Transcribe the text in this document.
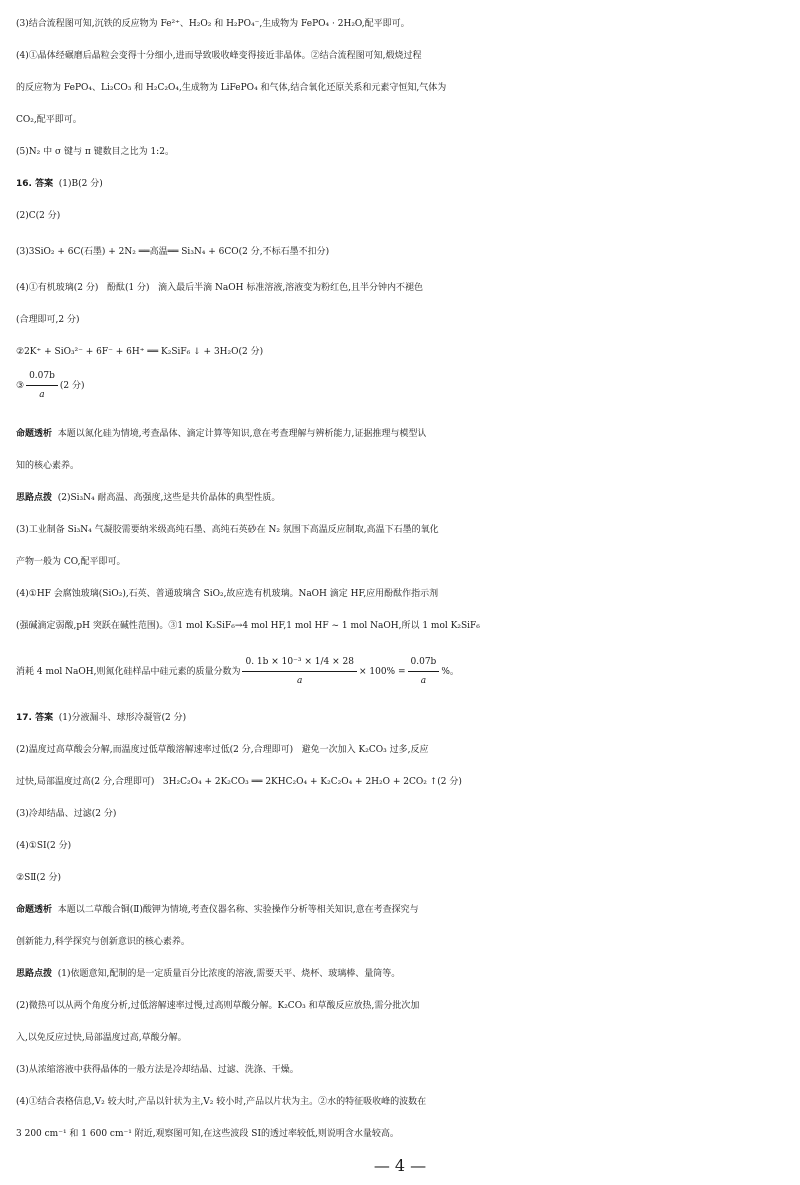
(3)结合流程图可知,沉铁的反应物为 Fe²⁺、H₂O₂ 和 H₂PO₄⁻,生成物为 FePO₄ · 2H₂O,配平即可。
(4)①晶体经碾磨后晶粒会变得十分细小,进而导致吸收峰变得接近非晶体。②结合流程图可知,煅烧过程
的反应物为 FePO₄、Li₂CO₃ 和 H₂C₂O₄,生成物为 LiFePO₄ 和气体,结合氧化还原关系和元素守恒知,气体为
CO₂,配平即可。
(5)N₂ 中 σ 键与 π 键数目之比为 1:2。
16. 答案  (1)B(2 分)
(2)C(2 分)
(3)3SiO₂ + 6C(石墨) + 2N₂ ══高温══ Si₃N₄ + 6CO(2 分,不标石墨不扣分)
(4)①有机玻璃(2 分)   酚酞(1 分)   滴入最后半滴 NaOH 标准溶液,溶液变为粉红色,且半分钟内不褪色
(合理即可,2 分)
②2K⁺ + SiO₃²⁻ + 6F⁻ + 6H⁺ ══ K₂SiF₆ ↓ + 3H₂O(2 分)
③ $\frac{0.07b}{a} (2$ 分)
命题透析  本题以氮化硅为情境,考查晶体、滴定计算等知识,意在考查理解与辨析能力,证据推理与模型认
知的核心素养。
思路点拨  (2)Si₃N₄ 耐高温、高强度,这些是共价晶体的典型性质。
(3)工业制备 Si₃N₄ 气凝胶需要纳米级高纯石墨、高纯石英砂在 N₂ 氛围下高温反应制取,高温下石墨的氧化
产物一般为 CO,配平即可。
(4)①HF 会腐蚀玻璃(SiO₂),石英、普通玻璃含 SiO₂,故应选有机玻璃。NaOH 滴定 HF,应用酚酞作指示剂
(强碱滴定弱酸,pH 突跃在碱性范围)。③1 mol K₂SiF₆→4 mol HF,1 mol HF ~ 1 mol NaOH,所以 1 mol K₂SiF₆
消耗 4 mol NaOH,则氮化硅样品中硅元素的质量分数为 $\frac{\text{0. 1b × 10⁻³ × 1/4 × 28}}{a} \times 100\% = \frac{0.07b}{a}$ %。
17. 答案  (1)分液漏斗、球形冷凝管(2 分)
(2)温度过高草酸会分解,而温度过低草酸溶解速率过低(2 分,合理即可)   避免一次加入 K₂CO₃ 过多,反应
过快,局部温度过高(2 分,合理即可)   3H₂C₂O₄ + 2K₂CO₃ ══ 2KHC₂O₄ + K₂C₂O₄ + 2H₂O + 2CO₂ ↑(2 分)
(3)冷却结晶、过滤(2 分)
(4)①SⅠ(2 分)
②SⅡ(2 分)
命题透析  本题以二草酸合铜(Ⅱ)酸钾为情境,考查仪器名称、实验操作分析等相关知识,意在考查探究与
创新能力,科学探究与创新意识的核心素养。
思路点拨  (1)依题意知,配制的是一定质量百分比浓度的溶液,需要天平、烧杯、玻璃棒、量筒等。
(2)微热可以从两个角度分析,过低溶解速率过慢,过高则草酸分解。K₂CO₃ 和草酸反应放热,需分批次加
入,以免反应过快,局部温度过高,草酸分解。
(3)从浓缩溶液中获得晶体的一般方法是冷却结晶、过滤、洗涤、干燥。
(4)①结合表格信息,V₂ 较大时,产品以针状为主,V₂ 较小时,产品以片状为主。②水的特征吸收峰的波数在
3 200 cm⁻¹ 和 1 600 cm⁻¹ 附近,观察图可知,在这些波段 SⅠ的透过率较低,则说明含水量较高。
— 4 —
